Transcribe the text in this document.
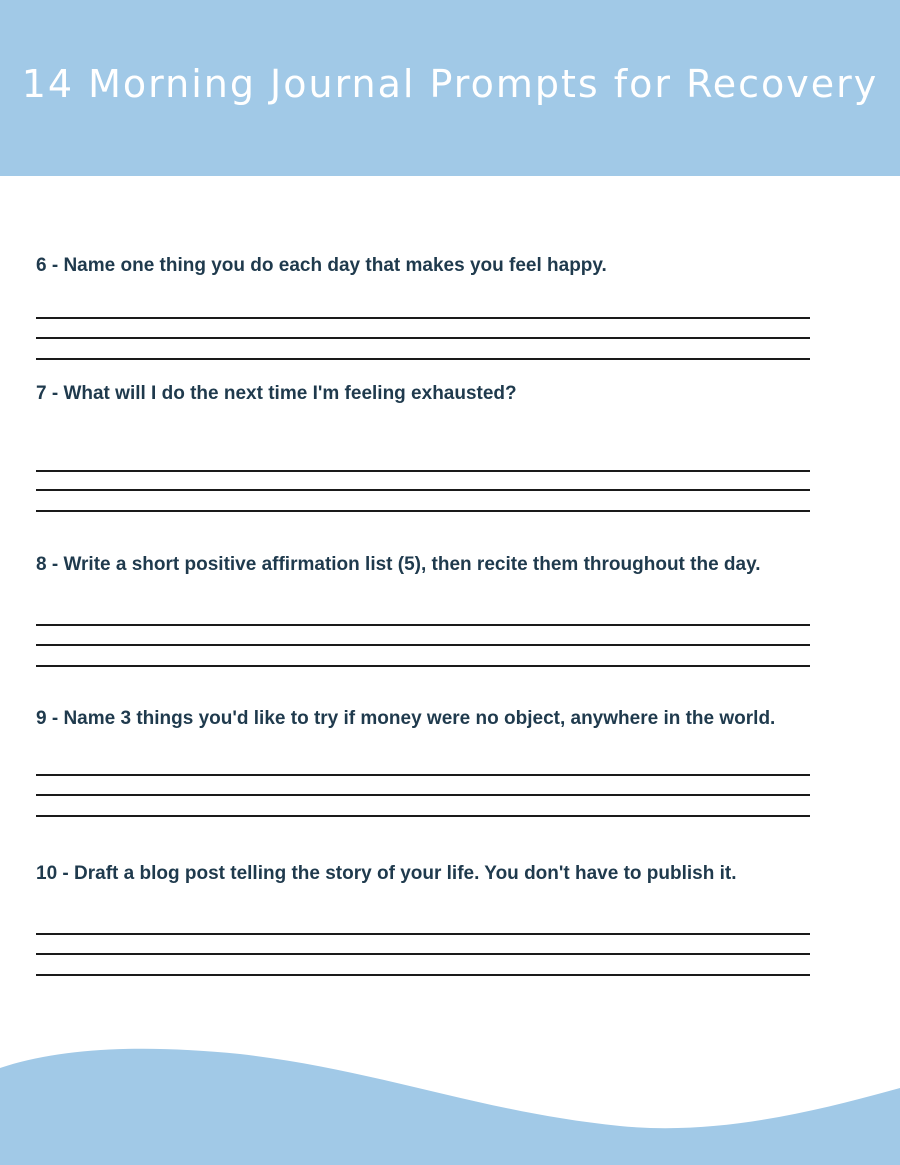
14 Morning Journal Prompts for Recovery

6 - Name one thing you do each day that makes you feel happy.

7 - What will I do the next time I'm feeling exhausted?

8 - Write a short positive affirmation list (5), then recite them throughout the day.

9 - Name 3 things you'd like to try if money were no object, anywhere in the world.

10 - Draft a blog post telling the story of your life. You don't have to publish it.
